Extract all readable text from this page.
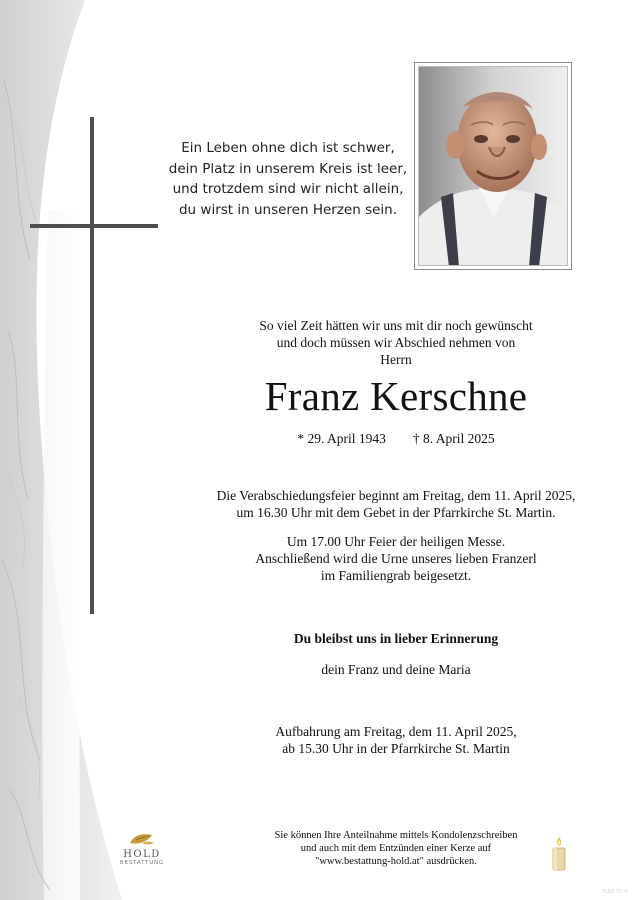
Ein Leben ohne dich ist schwer,
dein Platz in unserem Kreis ist leer,
und trotzdem sind wir nicht allein,
du wirst in unseren Herzen sein.
So viel Zeit hätten wir uns mit dir noch gewünscht
und doch müssen wir Abschied nehmen von
Herrn
Franz Kerschne
* 29. April 1943 † 8. April 2025
Die Verabschiedungsfeier beginnt am Freitag, dem 11. April 2025,
um 16.30 Uhr mit dem Gebet in der Pfarrkirche St. Martin.
Um 17.00 Uhr Feier der heiligen Messe.
Anschließend wird die Urne unseres lieben Franzerl
im Familiengrab beigesetzt.
Du bleibst uns in lieber Erinnerung
dein Franz und deine Maria
Aufbahrung am Freitag, dem 11. April 2025,
ab 15.30 Uhr in der Pfarrkirche St. Martin
Sie können Ihre Anteilnahme mittels Kondolenzschreiben
und auch mit dem Entzünden einer Kerze auf
"www.bestattung-hold.at" ausdrücken.
HOLD
BESTATTUNG
TLDP 91-N
